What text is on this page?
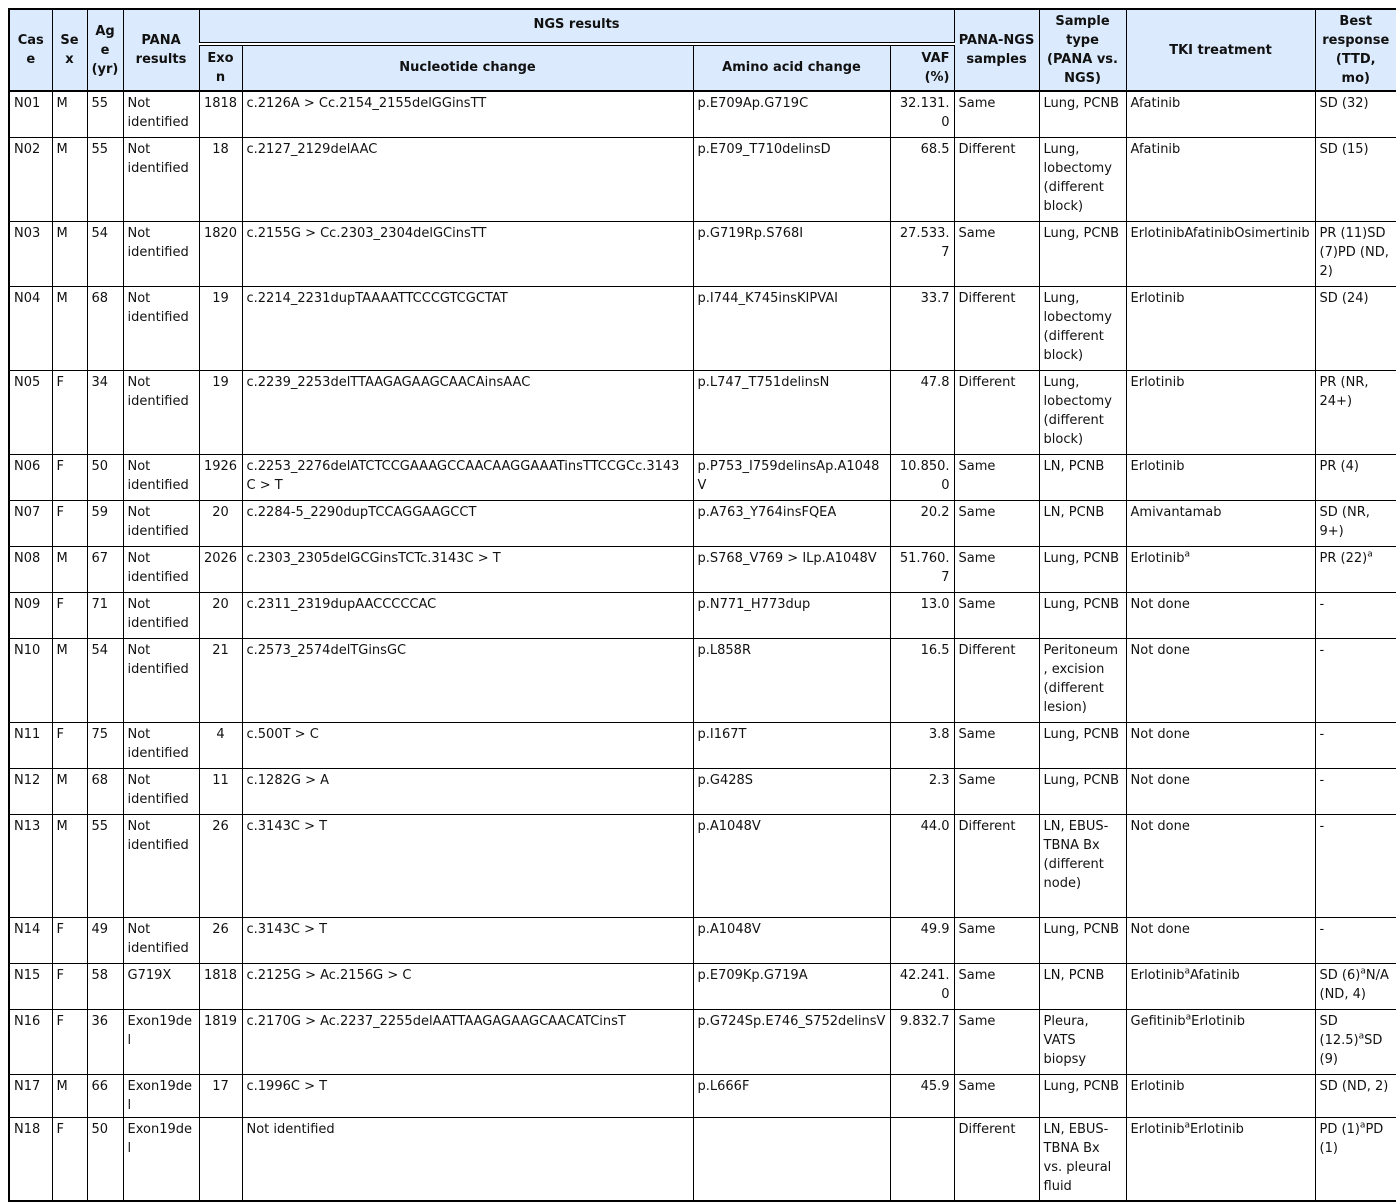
Case	Sex	Age (yr)	PANA results	NGS results				PANA-NGS samples	Sample type (PANA vs. NGS)	TKI treatment	Best response (TTD, mo)
				Exon	Nucleotide change	Amino acid change	VAF (%)				
N01	M	55	Not identified	1818	c.2126A > Cc.2154_2155delGGinsTT	p.E709Ap.G719C	32.131.0	Same	Lung, PCNB	Afatinib	SD (32)
N02	M	55	Not identified	18	c.2127_2129delAAC	p.E709_T710delinsD	68.5	Different	Lung, lobectomy (different block)	Afatinib	SD (15)
N03	M	54	Not identified	1820	c.2155G > Cc.2303_2304delGCinsTT	p.G719Rp.S768I	27.533.7	Same	Lung, PCNB	ErlotinibAfatinibOsimertinib	PR (11)SD (7)PD (ND, 2)
N04	M	68	Not identified	19	c.2214_2231dupTAAAATTCCCGTCGCTAT	p.I744_K745insKIPVAI	33.7	Different	Lung, lobectomy (different block)	Erlotinib	SD (24)
N05	F	34	Not identified	19	c.2239_2253delTTAAGAGAAGCAACAinsAAC	p.L747_T751delinsN	47.8	Different	Lung, lobectomy (different block)	Erlotinib	PR (NR, 24+)
N06	F	50	Not identified	1926	c.2253_2276delATCTCCGAAAGCCAACAAGGAAATinsTTCCGCc.3143C > T	p.P753_I759delinsAp.A1048V	10.850.0	Same	LN, PCNB	Erlotinib	PR (4)
N07	F	59	Not identified	20	c.2284-5_2290dupTCCAGGAAGCCT	p.A763_Y764insFQEA	20.2	Same	LN, PCNB	Amivantamab	SD (NR, 9+)
N08	M	67	Not identified	2026	c.2303_2305delGCGinsTCTc.3143C > T	p.S768_V769 > ILp.A1048V	51.760.7	Same	Lung, PCNB	Erlotinib$^a$	PR $(22)^a$
N09	F	71	Not identified	20	c.2311_2319dupAACCCCCAC	p.N771_H773dup	13.0	Same	Lung, PCNB	Not done	-
N10	M	54	Not identified	21	c.2573_2574delTGinsGC	p.L858R	16.5	Different	Peritoneum, excision (different lesion)	Not done	-
N11	F	75	Not identified	4	c.500T > C	p.I167T	3.8	Same	Lung, PCNB	Not done	-
N12	M	68	Not identified	11	c.1282G > A	p.G428S	2.3	Same	Lung, PCNB	Not done	-
N13	M	55	Not identified	26	c.3143C > T	p.A1048V	44.0	Different	LN, EBUS-TBNA Bx (different node)	Not done	-
N14	F	49	Not identified	26	c.3143C > T	p.A1048V	49.9	Same	Lung, PCNB	Not done	-
N15	F	58	G719X	1818	c.2125G > Ac.2156G > C	p.E709Kp.G719A	42.241.0	Same	LN, PCNB	Erlotinib$^a$Afatinib	SD $(6)^aN/A$ (ND, 4)
N16	F	36	Exon19del	1819	c.2170G > Ac.2237_2255delAATTAAGAGAAGCAACATCinsT	p.G724Sp.E746_S752delinsV	9.832.7	Same	Pleura, VATS biopsy	Gefitinib$^a$Erlotinib	SD $(12.5)^aSD$ (9)
N17	M	66	Exon19del	17	c.1996C > T	p.L666F	45.9	Same	Lung, PCNB	Erlotinib	SD (ND, 2)
N18	F	50	Exon19del		Not identified			Different	LN, EBUS-TBNA Bx vs. pleural fluid	Erlotinib$^a$Erlotinib	PD $(1)^aPD$ (1)
